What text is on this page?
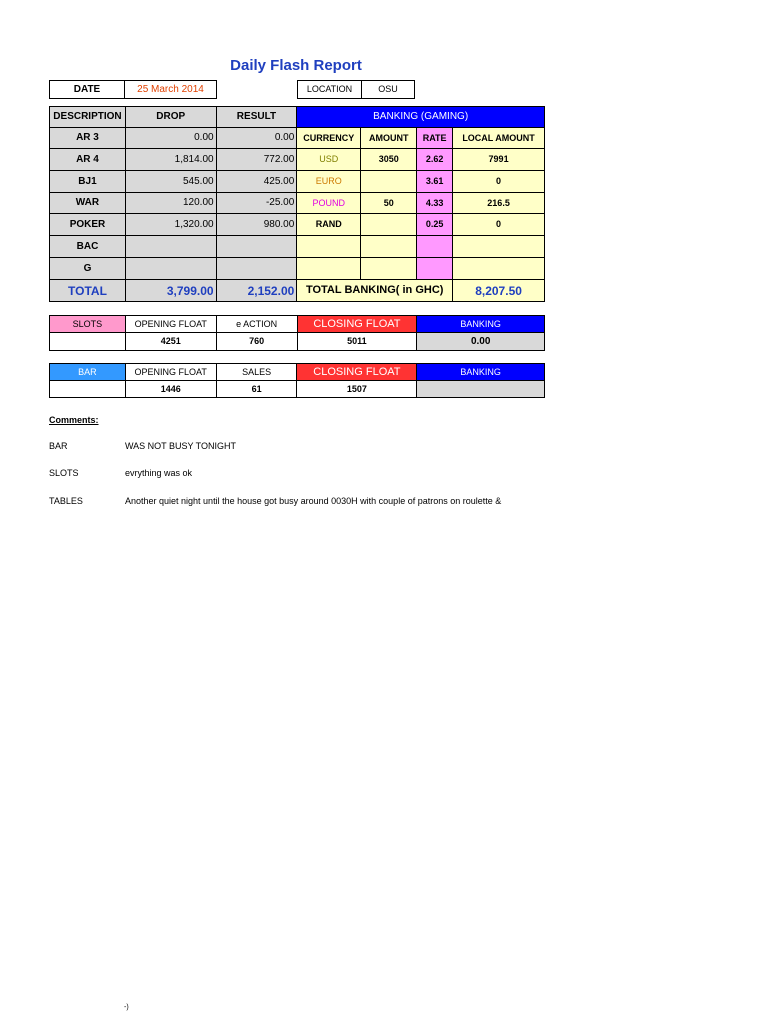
Daily Flash Report
DATE	25 March 2014	LOCATION	OSU
DESCRIPTION	DROP	RESULT	BANKING (GAMING)			
AR 3	0.00	0.00	CURRENCY	AMOUNT	RATE	LOCAL AMOUNT
AR 4	1,814.00	772.00	USD	3050	2.62	7991
BJ1	545.00	425.00	EURO		3.61	0
WAR	120.00	-25.00	POUND	50	4.33	216.5
POKER	1,320.00	980.00	RAND		0.25	0
BAC						
G						
TOTAL	3,799.00	2,152.00	TOTAL BANKING( in GHC)			8,207.50
SLOTS	OPENING FLOAT	e ACTION	CLOSING FLOAT	BANKING
	4251	760	5011	0.00
BAR	OPENING FLOAT	SALES	CLOSING FLOAT	BANKING
	1446	61	1507	
Comments:
BAR	WAS NOT BUSY TONIGHT
SLOTS	evrything was ok
TABLES	Another quiet night until the house got busy around 0030H with couple of patrons on roulette &
-)
